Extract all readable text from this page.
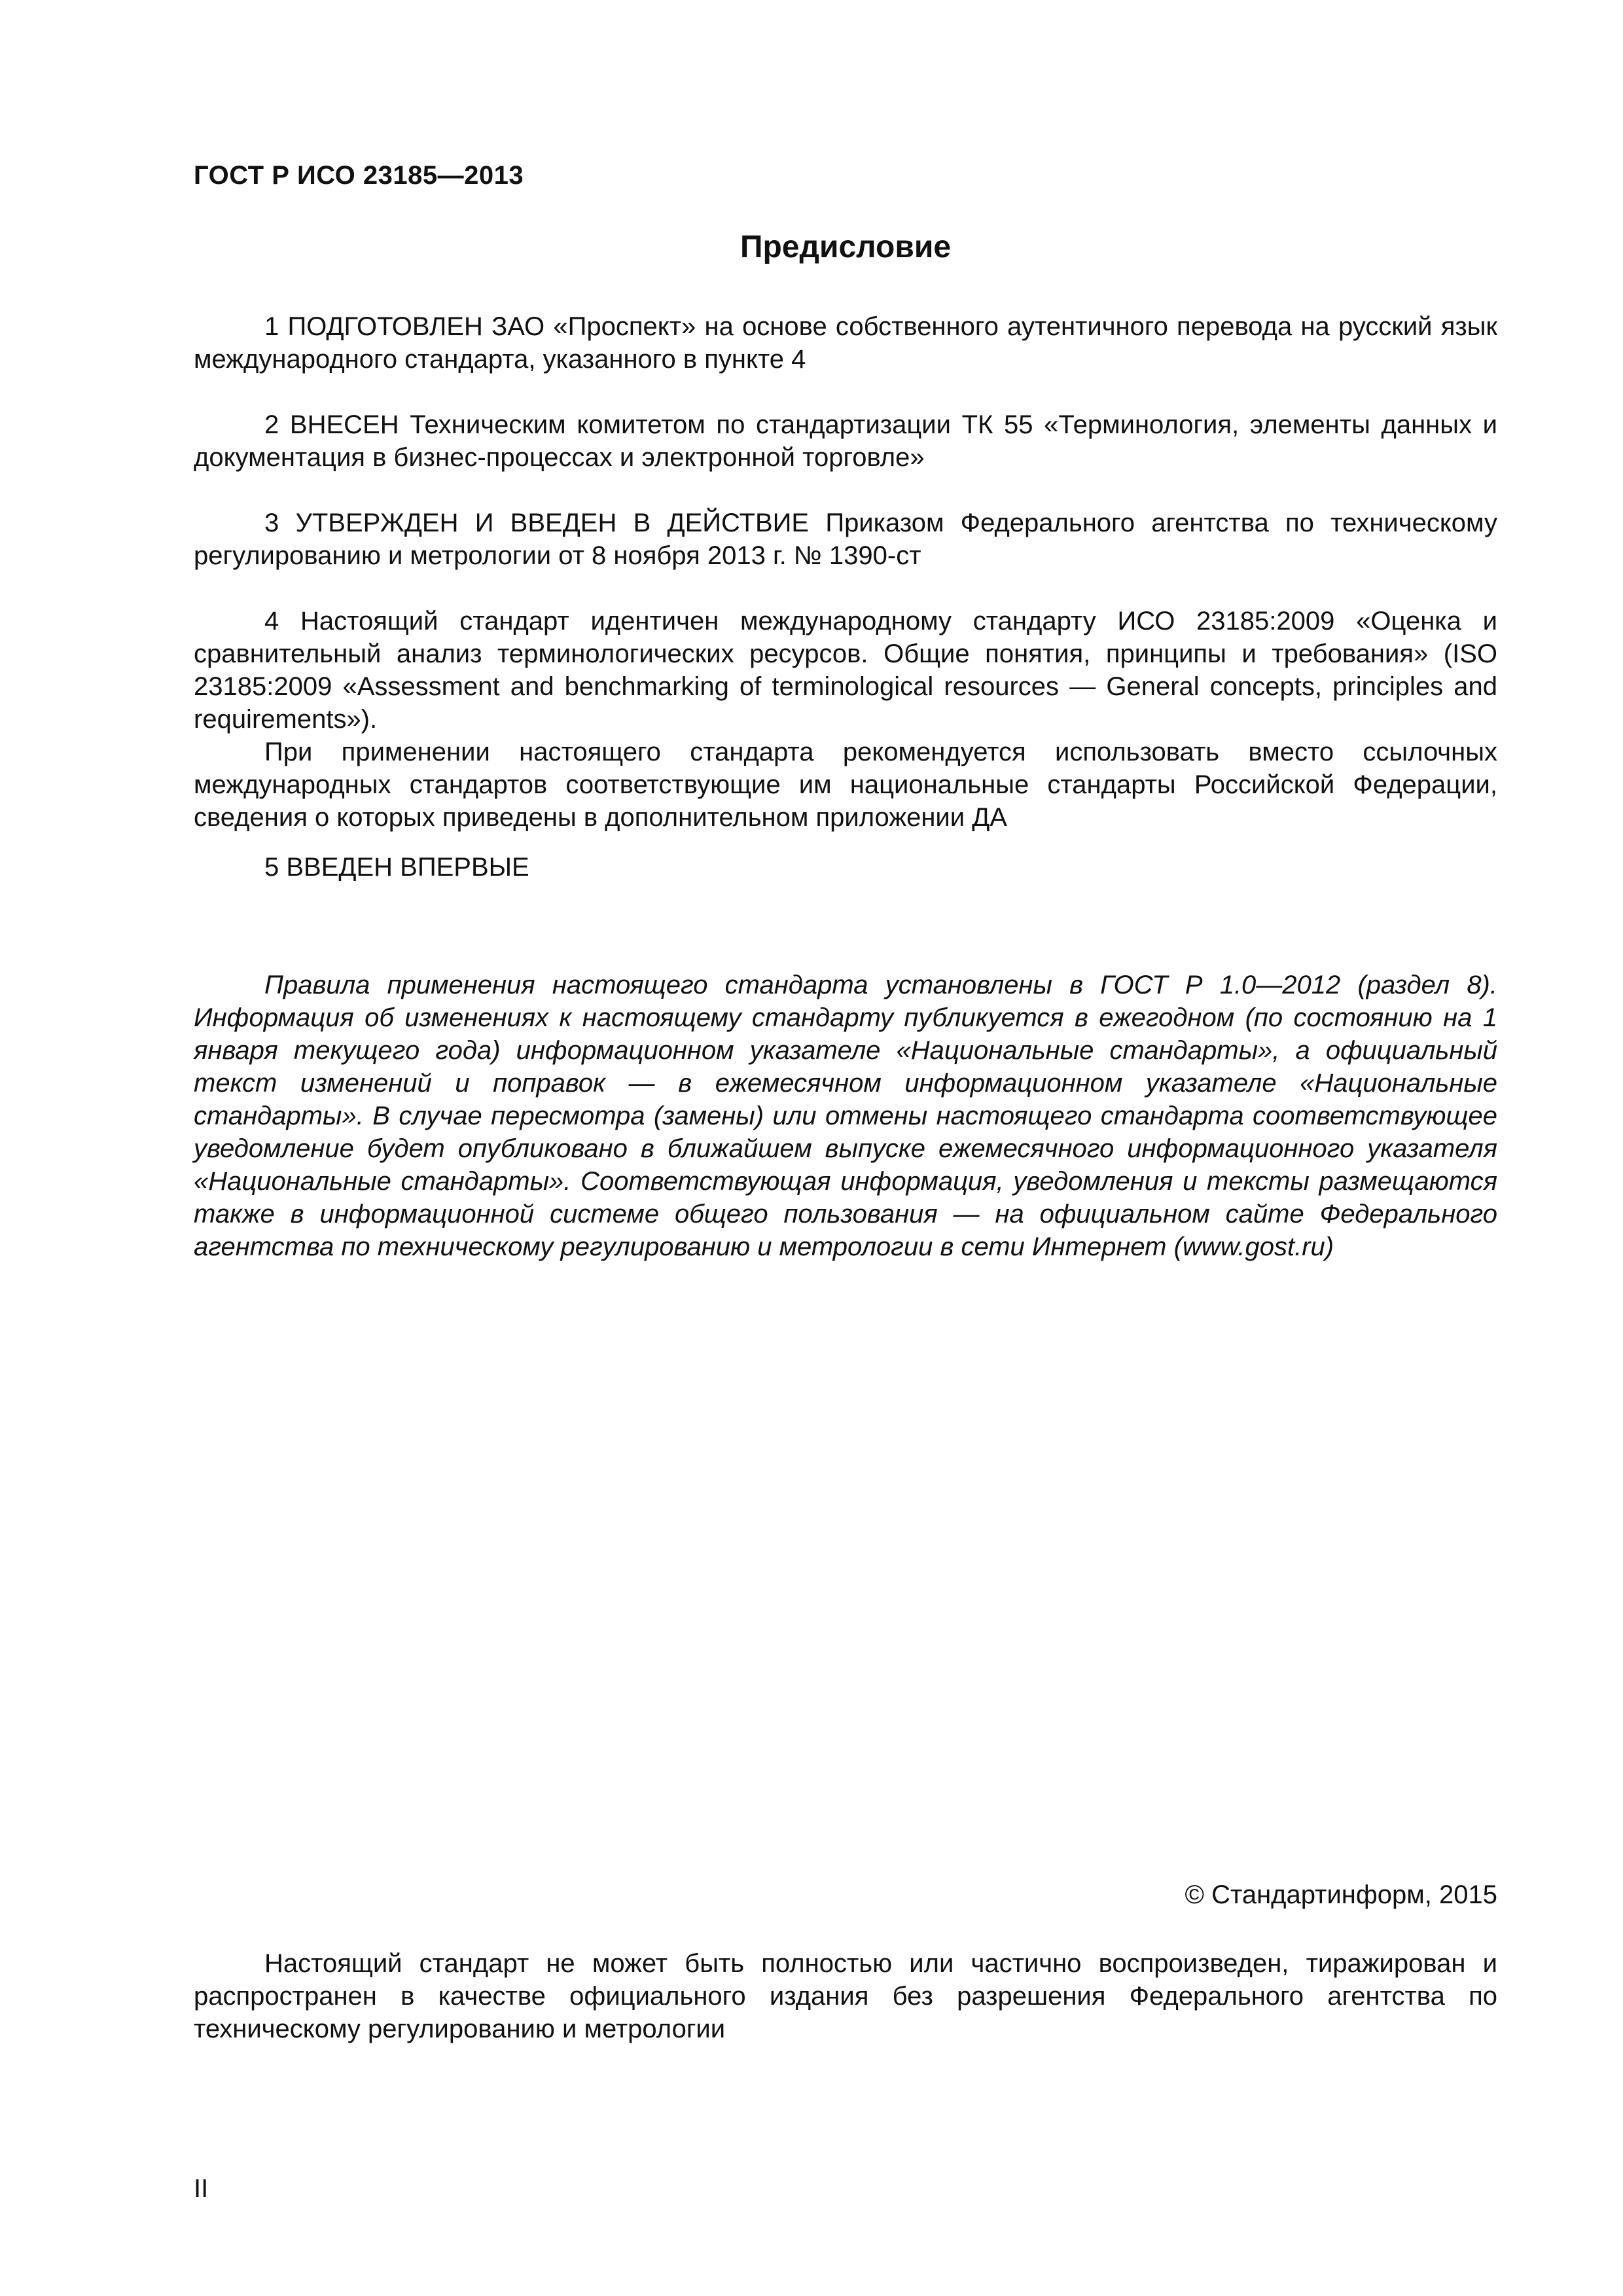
ГОСТ Р ИСО 23185—2013
Предисловие

1 ПОДГОТОВЛЕН ЗАО «Проспект» на основе собственного аутентичного перевода на русский язык международного стандарта, указанного в пункте 4

2 ВНЕСЕН Техническим комитетом по стандартизации ТК 55 «Терминология, элементы данных и документация в бизнес-процессах и электронной торговле»

3 УТВЕРЖДЕН И ВВЕДЕН В ДЕЙСТВИЕ Приказом Федерального агентства по техническому регулированию и метрологии от 8 ноября 2013 г. № 1390-ст

4 Настоящий стандарт идентичен международному стандарту ИСО 23185:2009 «Оценка и сравнительный анализ терминологических ресурсов. Общие понятия, принципы и требования» (ISO 23185:2009 «Assessment and benchmarking of terminological resources — General concepts, principles and requirements»).

При применении настоящего стандарта рекомендуется использовать вместо ссылочных международных стандартов соответствующие им национальные стандарты Российской Федерации, сведения о которых приведены в дополнительном приложении ДА

5 ВВЕДЕН ВПЕРВЫЕ

Правила применения настоящего стандарта установлены в ГОСТ Р 1.0—2012 (раздел 8). Информация об изменениях к настоящему стандарту публикуется в ежегодном (по состоянию на 1 января текущего года) информационном указателе «Национальные стандарты», а официальный текст изменений и поправок — в ежемесячном информационном указателе «Национальные стандарты». В случае пересмотра (замены) или отмены настоящего стандарта соответствующее уведомление будет опубликовано в ближайшем выпуске ежемесячного информационного указателя «Национальные стандарты». Соответствующая информация, уведомления и тексты размещаются также в информационной системе общего пользования — на официальном сайте Федерального агентства по техническому регулированию и метрологии в сети Интернет (www.gost.ru)

© Стандартинформ, 2015

Настоящий стандарт не может быть полностью или частично воспроизведен, тиражирован и распространен в качестве официального издания без разрешения Федерального агентства по техническому регулированию и метрологии

II
